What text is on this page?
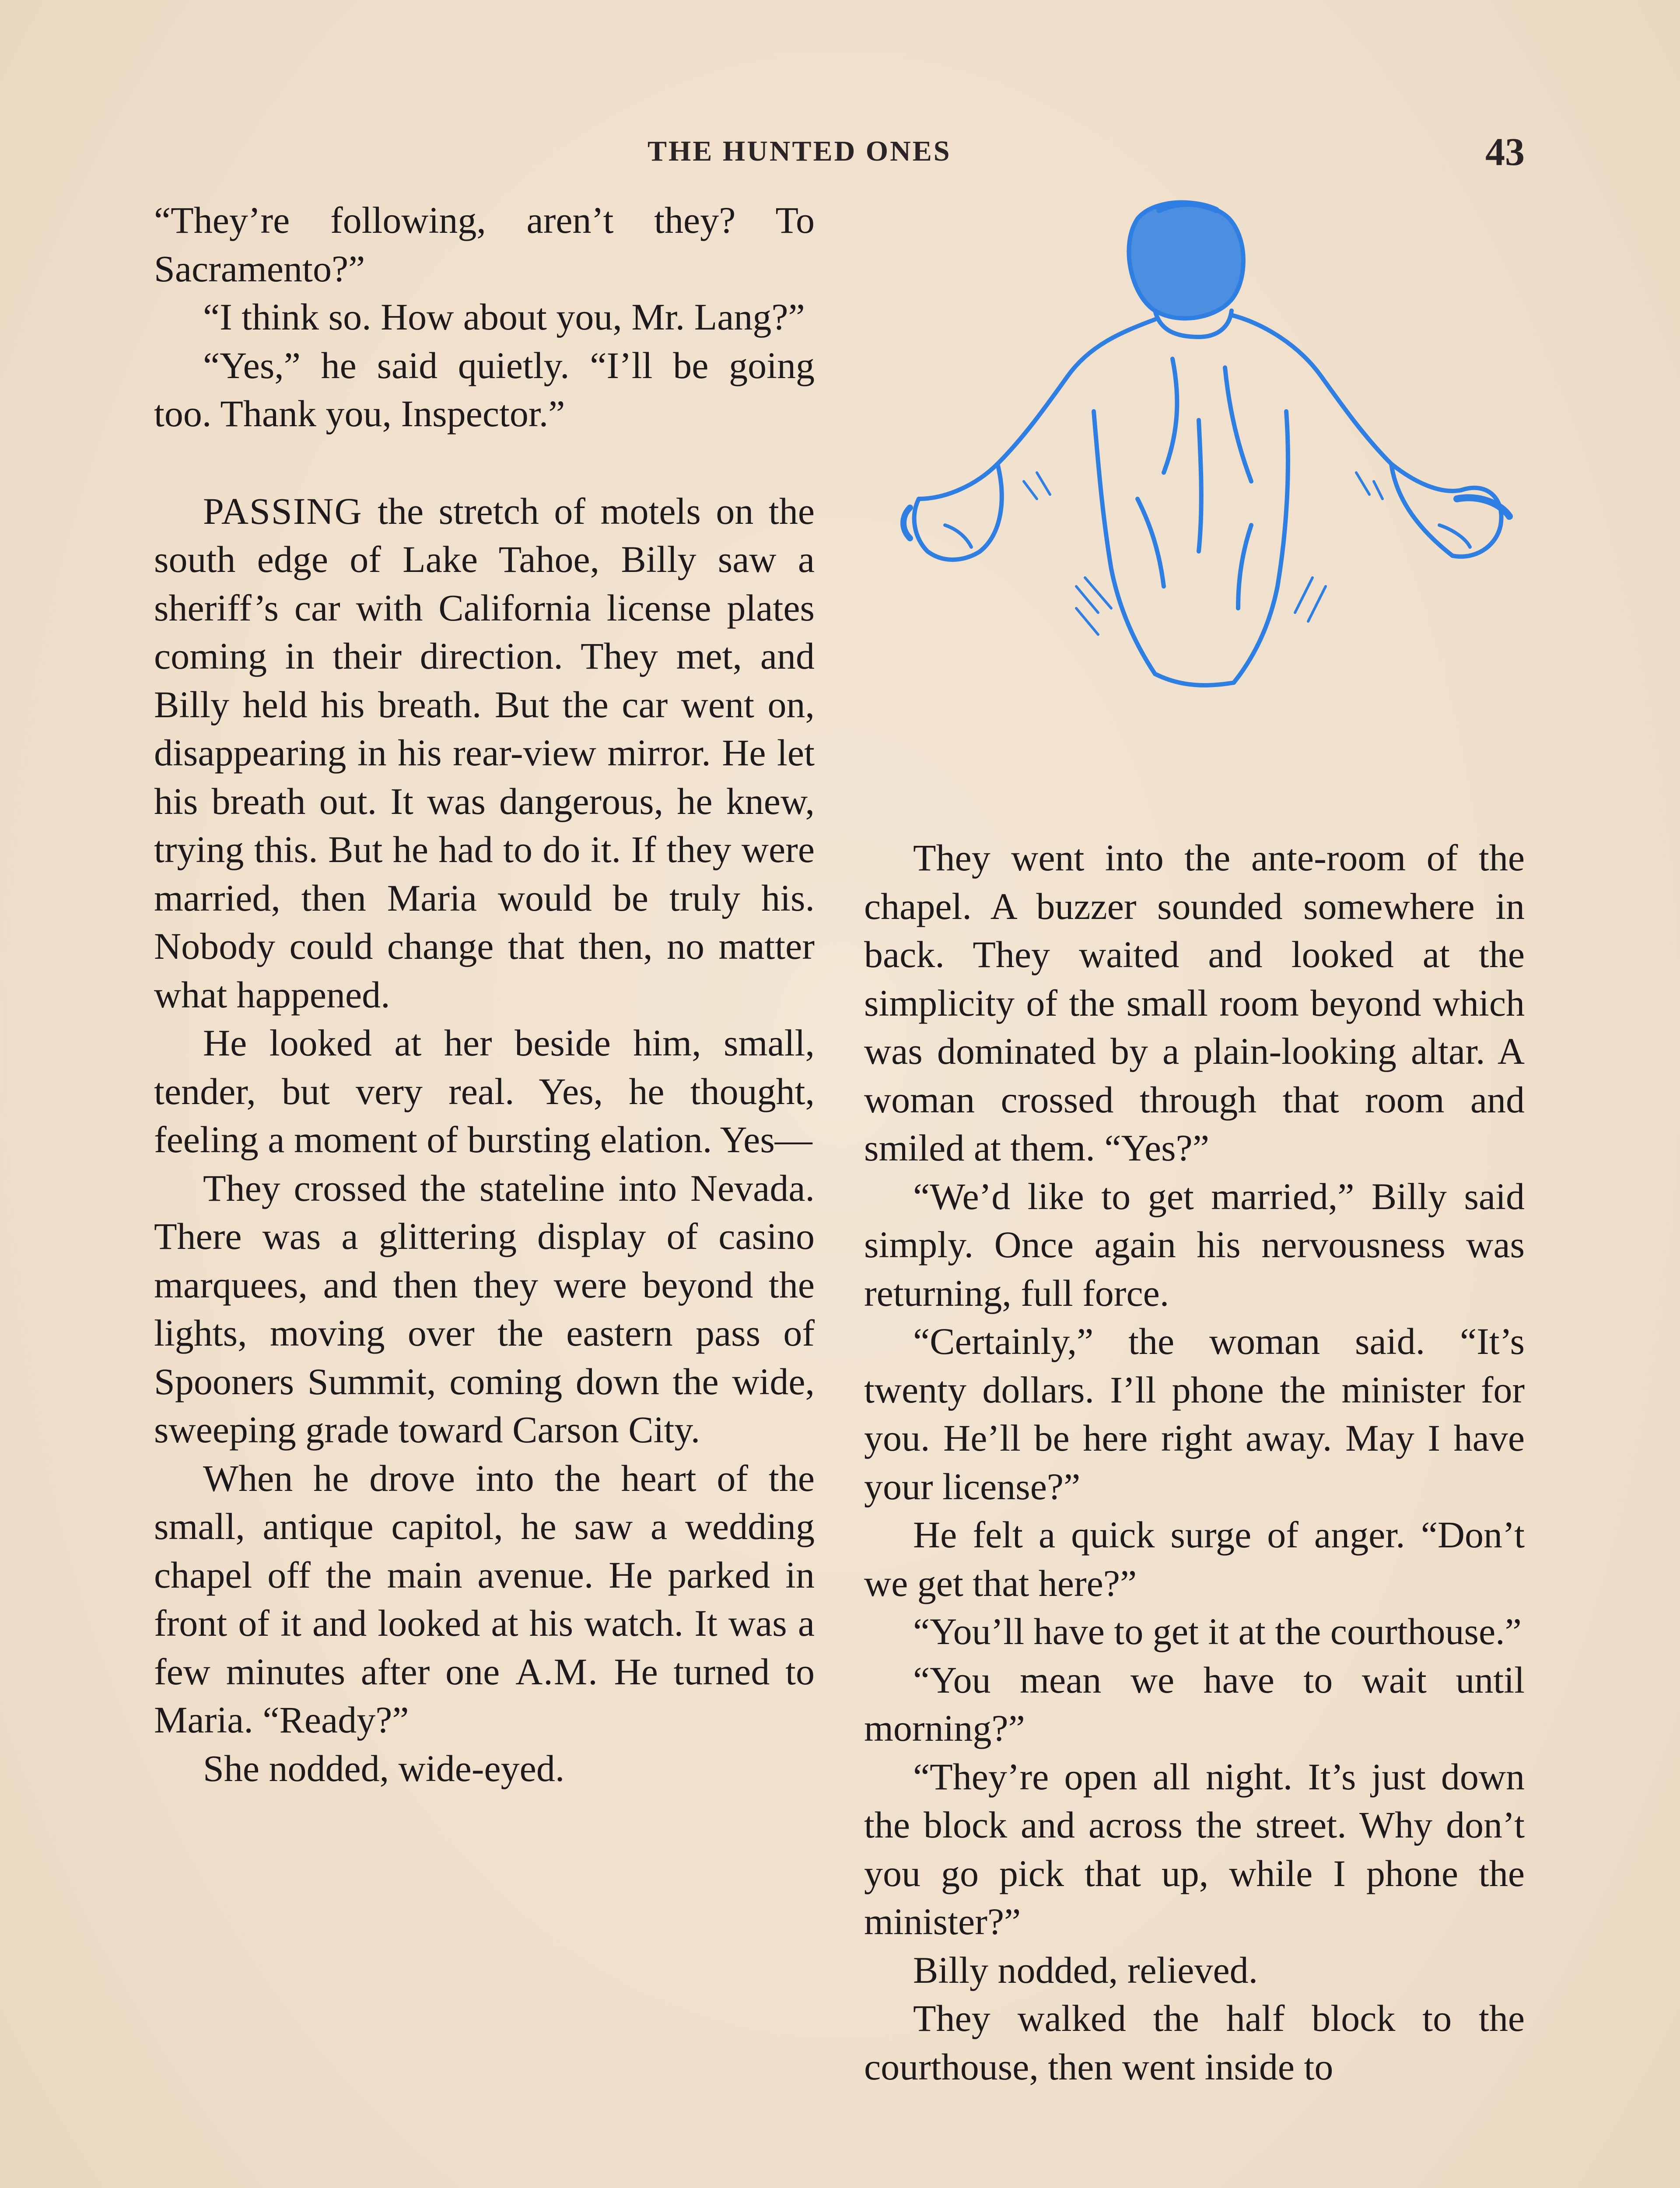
THE HUNTED ONES	43

“They’re following, aren’t they? To Sacramento?”

“I think so. How about you, Mr. Lang?”

“Yes,” he said quietly. “I’ll be going too. Thank you, Inspector.”

PASSING the stretch of motels on the south edge of Lake Tahoe, Billy saw a sheriff’s car with California license plates coming in their direction. They met, and Billy held his breath. But the car went on, disappearing in his rear-view mirror. He let his breath out. It was dangerous, he knew, trying this. But he had to do it. If they were married, then Maria would be truly his. Nobody could change that then, no matter what happened.

He looked at her beside him, small, tender, but very real. Yes, he thought, feeling a moment of bursting elation. Yes—

They crossed the stateline into Nevada. There was a glittering display of casino marquees, and then they were beyond the lights, moving over the eastern pass of Spooners Summit, coming down the wide, sweeping grade toward Carson City.

When he drove into the heart of the small, antique capitol, he saw a wedding chapel off the main avenue. He parked in front of it and looked at his watch. It was a few minutes after one A.M. He turned to Maria. “Ready?”

She nodded, wide-eyed.

They went into the ante-room of the chapel. A buzzer sounded somewhere in back. They waited and looked at the simplicity of the small room beyond which was dominated by a plain-looking altar. A woman crossed through that room and smiled at them. “Yes?”

“We’d like to get married,” Billy said simply. Once again his nervousness was returning, full force.

“Certainly,” the woman said. “It’s twenty dollars. I’ll phone the minister for you. He’ll be here right away. May I have your license?”

He felt a quick surge of anger. “Don’t we get that here?”

“You’ll have to get it at the courthouse.”

“You mean we have to wait until morning?”

“They’re open all night. It’s just down the block and across the street. Why don’t you go pick that up, while I phone the minister?”

Billy nodded, relieved.

They walked the half block to the courthouse, then went inside to
